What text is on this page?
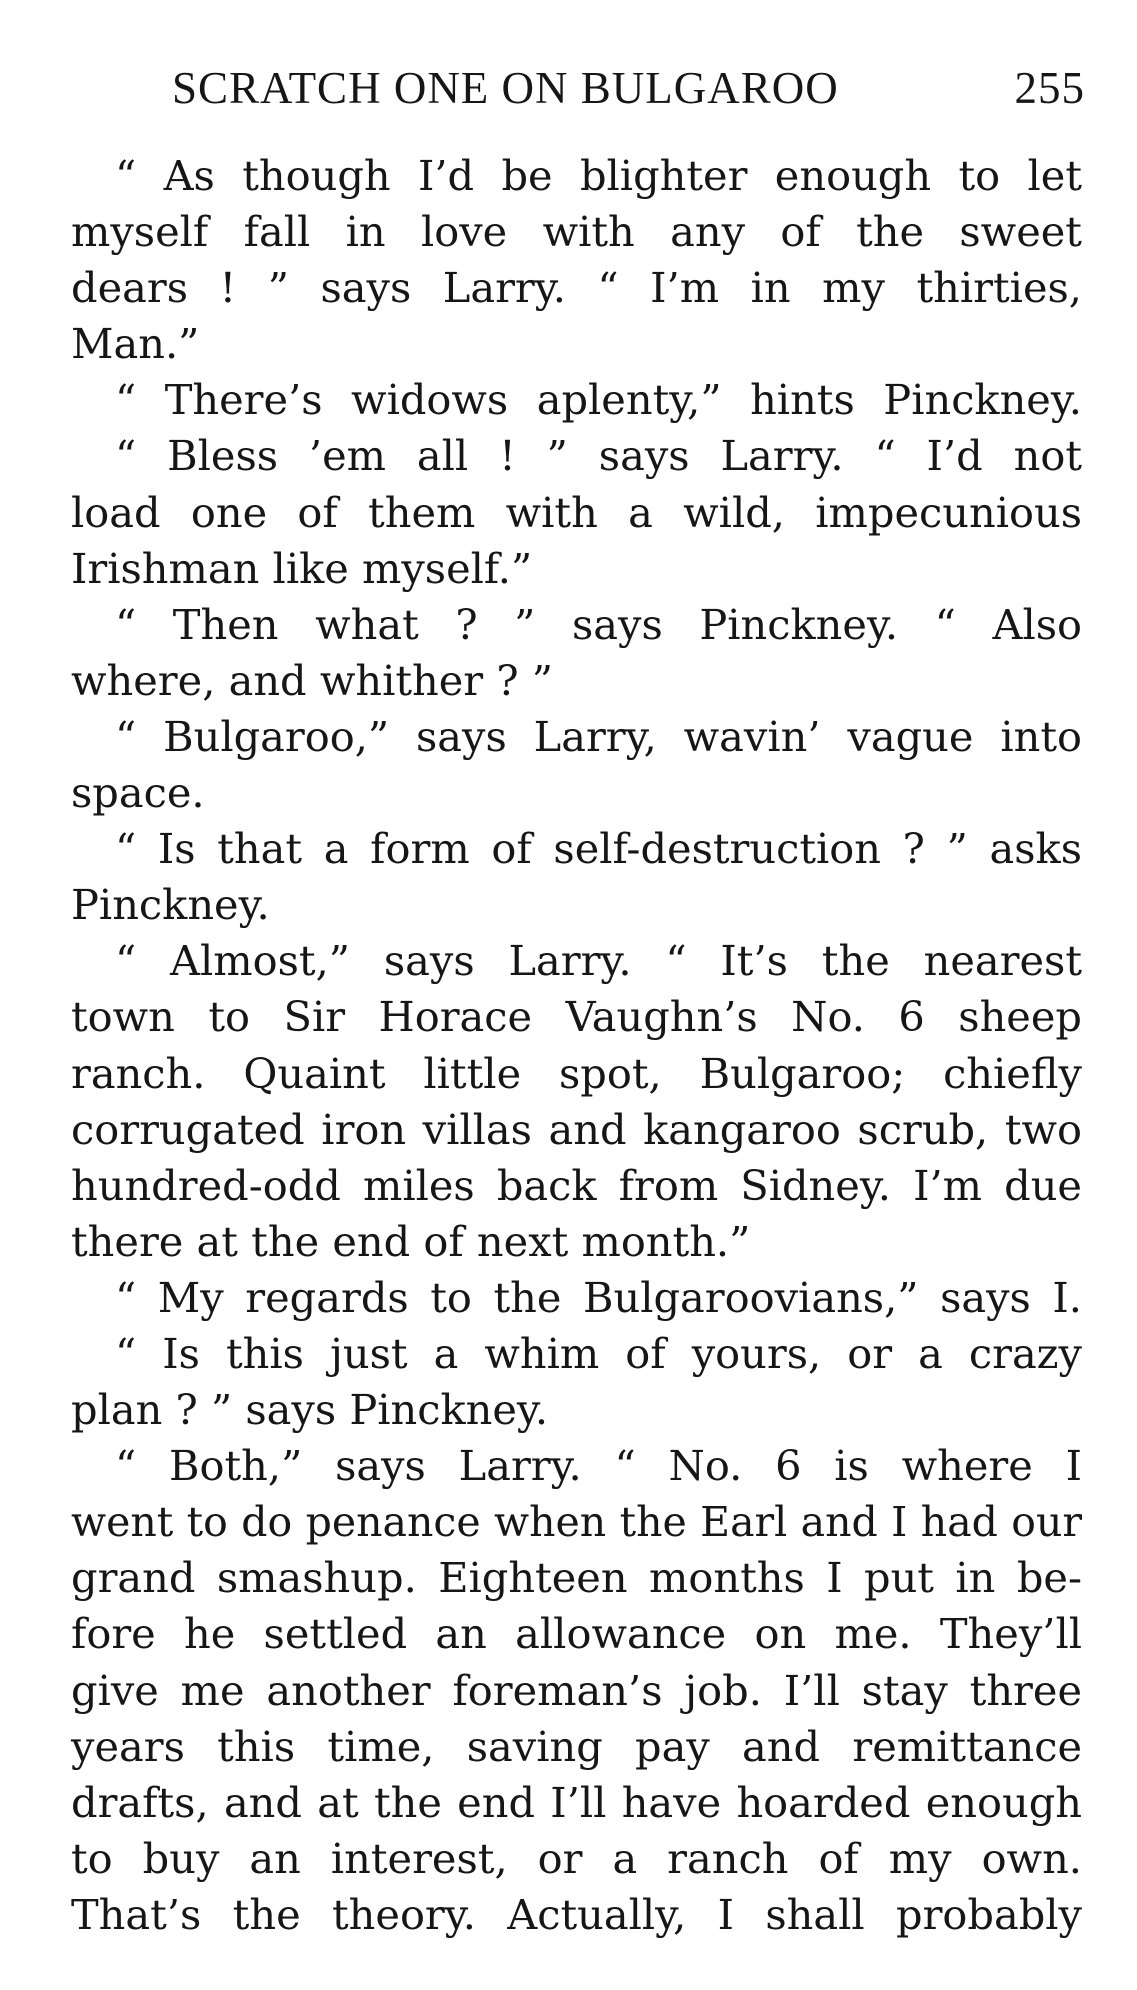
SCRATCH ONE ON BULGAROO	255
“ As though I’d be blighter enough to let
myself fall in love with any of the sweet
dears ! ” says Larry. “ I’m in my thirties,
Man.”
“ There’s widows aplenty,” hints Pinckney.
“ Bless ’em all ! ” says Larry. “ I’d not
load one of them with a wild, impecunious
Irishman like myself.”
“ Then what ? ” says Pinckney. “ Also
where, and whither ? ”
“ Bulgaroo,” says Larry, wavin’ vague into
space.
“ Is that a form of self-destruction ? ” asks
Pinckney.
“ Almost,” says Larry. “ It’s the nearest
town to Sir Horace Vaughn’s No. 6 sheep
ranch. Quaint little spot, Bulgaroo; chiefly
corrugated iron villas and kangaroo scrub, two
hundred-odd miles back from Sidney. I’m due
there at the end of next month.”
“ My regards to the Bulgaroovians,” says I.
“ Is this just a whim of yours, or a crazy
plan ? ” says Pinckney.
“ Both,” says Larry. “ No. 6 is where I
went to do penance when the Earl and I had our
grand smashup. Eighteen months I put in be-
fore he settled an allowance on me. They’ll
give me another foreman’s job. I’ll stay three
years this time, saving pay and remittance
drafts, and at the end I’ll have hoarded enough
to buy an interest, or a ranch of my own.
That’s the theory. Actually, I shall probably
